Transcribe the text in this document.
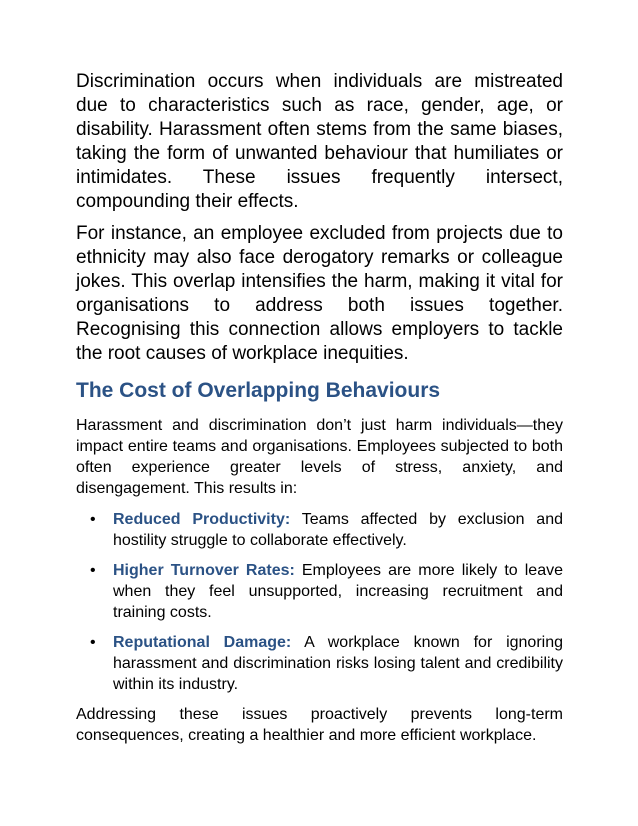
Discrimination occurs when individuals are mistreated due to characteristics such as race, gender, age, or disability. Harassment often stems from the same biases, taking the form of unwanted behaviour that humiliates or intimidates. These issues frequently intersect, compounding their effects.

For instance, an employee excluded from projects due to ethnicity may also face derogatory remarks or colleague jokes. This overlap intensifies the harm, making it vital for organisations to address both issues together. Recognising this connection allows employers to tackle the root causes of workplace inequities.

The Cost of Overlapping Behaviours

Harassment and discrimination don’t just harm individuals—they impact entire teams and organisations. Employees subjected to both often experience greater levels of stress, anxiety, and disengagement. This results in:

• Reduced Productivity: Teams affected by exclusion and hostility struggle to collaborate effectively.
• Higher Turnover Rates: Employees are more likely to leave when they feel unsupported, increasing recruitment and training costs.
• Reputational Damage: A workplace known for ignoring harassment and discrimination risks losing talent and credibility within its industry.

Addressing these issues proactively prevents long-term consequences, creating a healthier and more efficient workplace.
